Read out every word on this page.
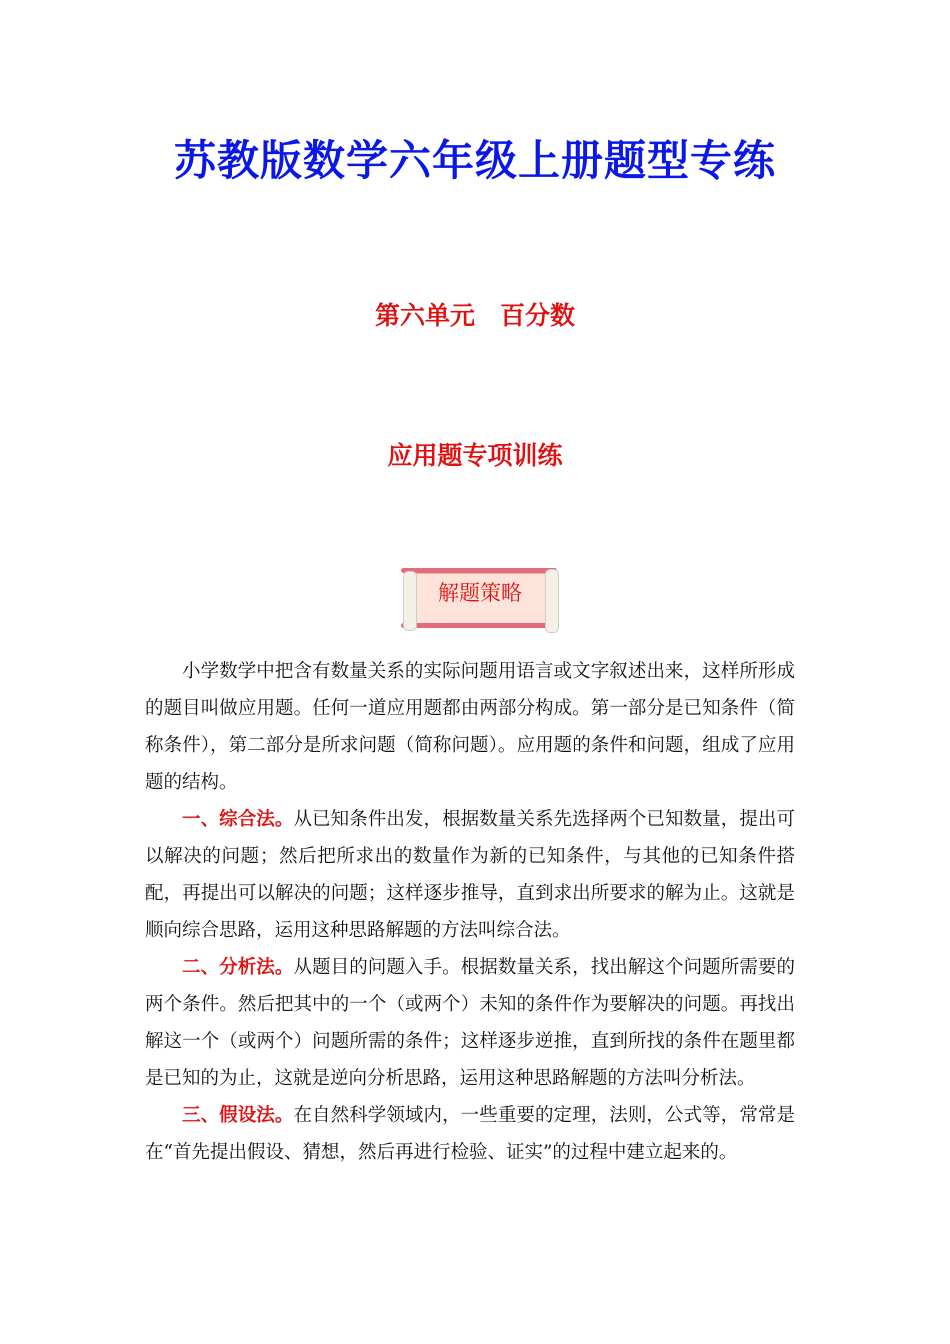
苏教版数学六年级上册题型专练
第六单元　百分数
应用题专项训练
解题策略

小学数学中把含有数量关系的实际问题用语言或文字叙述出来，这样所形成的题目叫做应用题。任何一道应用题都由两部分构成。第一部分是已知条件（简称条件），第二部分是所求问题（简称问题）。应用题的条件和问题，组成了应用题的结构。

一、综合法。从已知条件出发，根据数量关系先选择两个已知数量，提出可以解决的问题；然后把所求出的数量作为新的已知条件，与其他的已知条件搭配，再提出可以解决的问题；这样逐步推导，直到求出所要求的解为止。这就是顺向综合思路，运用这种思路解题的方法叫综合法。

二、分析法。从题目的问题入手。根据数量关系，找出解这个问题所需要的两个条件。然后把其中的一个（或两个）未知的条件作为要解决的问题。再找出解这一个（或两个）问题所需的条件；这样逐步逆推，直到所找的条件在题里都是已知的为止，这就是逆向分析思路，运用这种思路解题的方法叫分析法。

三、假设法。在自然科学领域内，一些重要的定理，法则，公式等，常常是在“首先提出假设、猜想，然后再进行检验、证实”的过程中建立起来的。
